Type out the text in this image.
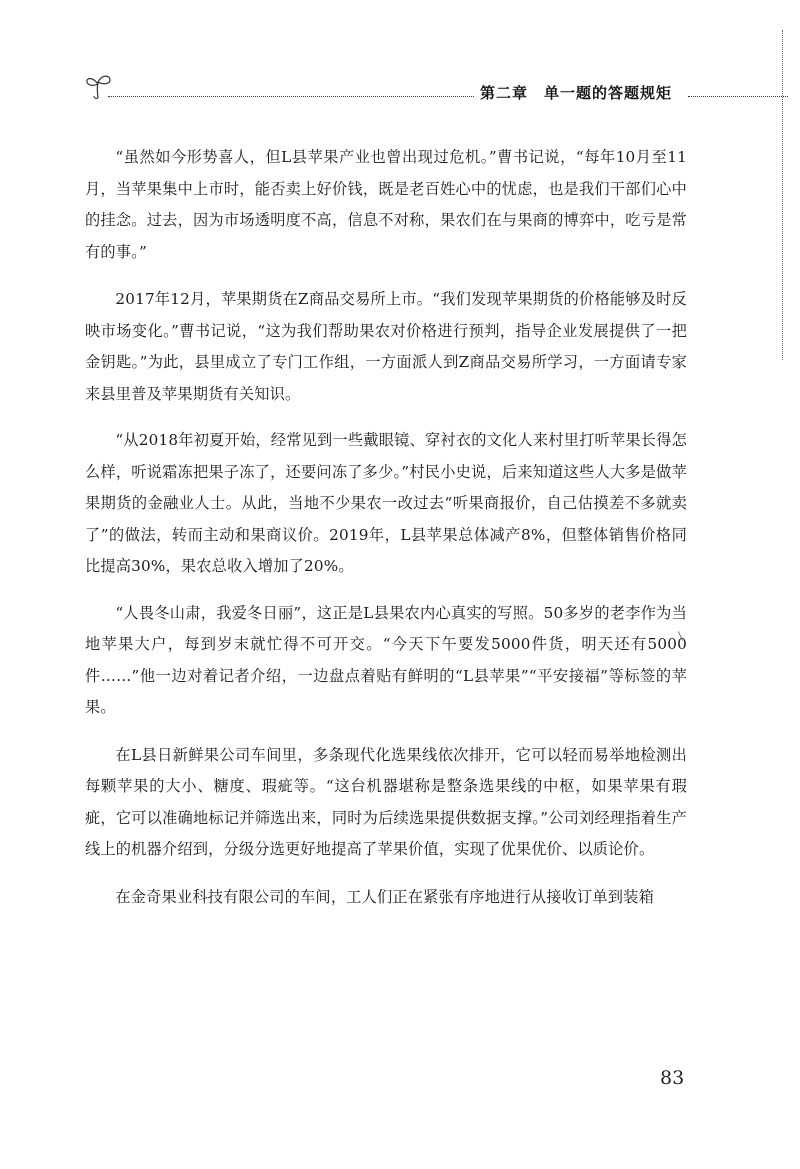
第二章 单一题的答题规矩

“虽然如今形势喜人，但L县苹果产业也曾出现过危机。”曹书记说，“每年10月至11月，当苹果集中上市时，能否卖上好价钱，既是老百姓心中的忧虑，也是我们干部们心中的挂念。过去，因为市场透明度不高，信息不对称，果农们在与果商的博弈中，吃亏是常有的事。”

2017年12月，苹果期货在Z商品交易所上市。“我们发现苹果期货的价格能够及时反映市场变化。”曹书记说，“这为我们帮助果农对价格进行预判，指导企业发展提供了一把金钥匙。”为此，县里成立了专门工作组，一方面派人到Z商品交易所学习，一方面请专家来县里普及苹果期货有关知识。

“从2018年初夏开始，经常见到一些戴眼镜、穿衬衣的文化人来村里打听苹果长得怎么样，听说霜冻把果子冻了，还要问冻了多少。”村民小史说，后来知道这些人大多是做苹果期货的金融业人士。从此，当地不少果农一改过去“听果商报价，自己估摸差不多就卖了”的做法，转而主动和果商议价。2019年，L县苹果总体减产8%，但整体销售价格同比提高30%，果农总收入增加了20%。

“人畏冬山肃，我爱冬日丽”，这正是L县果农内心真实的写照。50多岁的老李作为当地苹果大户，每到岁末就忙得不可开交。“今天下午要发5000件货，明天还有5000件……”他一边对着记者介绍，一边盘点着贴有鲜明的“L县苹果”“平安接福”等标签的苹果。

在L县日新鲜果公司车间里，多条现代化选果线依次排开，它可以轻而易举地检测出每颗苹果的大小、糖度、瑕疵等。“这台机器堪称是整条选果线的中枢，如果苹果有瑕疵，它可以准确地标记并筛选出来，同时为后续选果提供数据支撑。”公司刘经理指着生产线上的机器介绍到，分级分选更好地提高了苹果价值，实现了优果优价、以质论价。

在金奇果业科技有限公司的车间，工人们正在紧张有序地进行从接收订单到装箱

83
